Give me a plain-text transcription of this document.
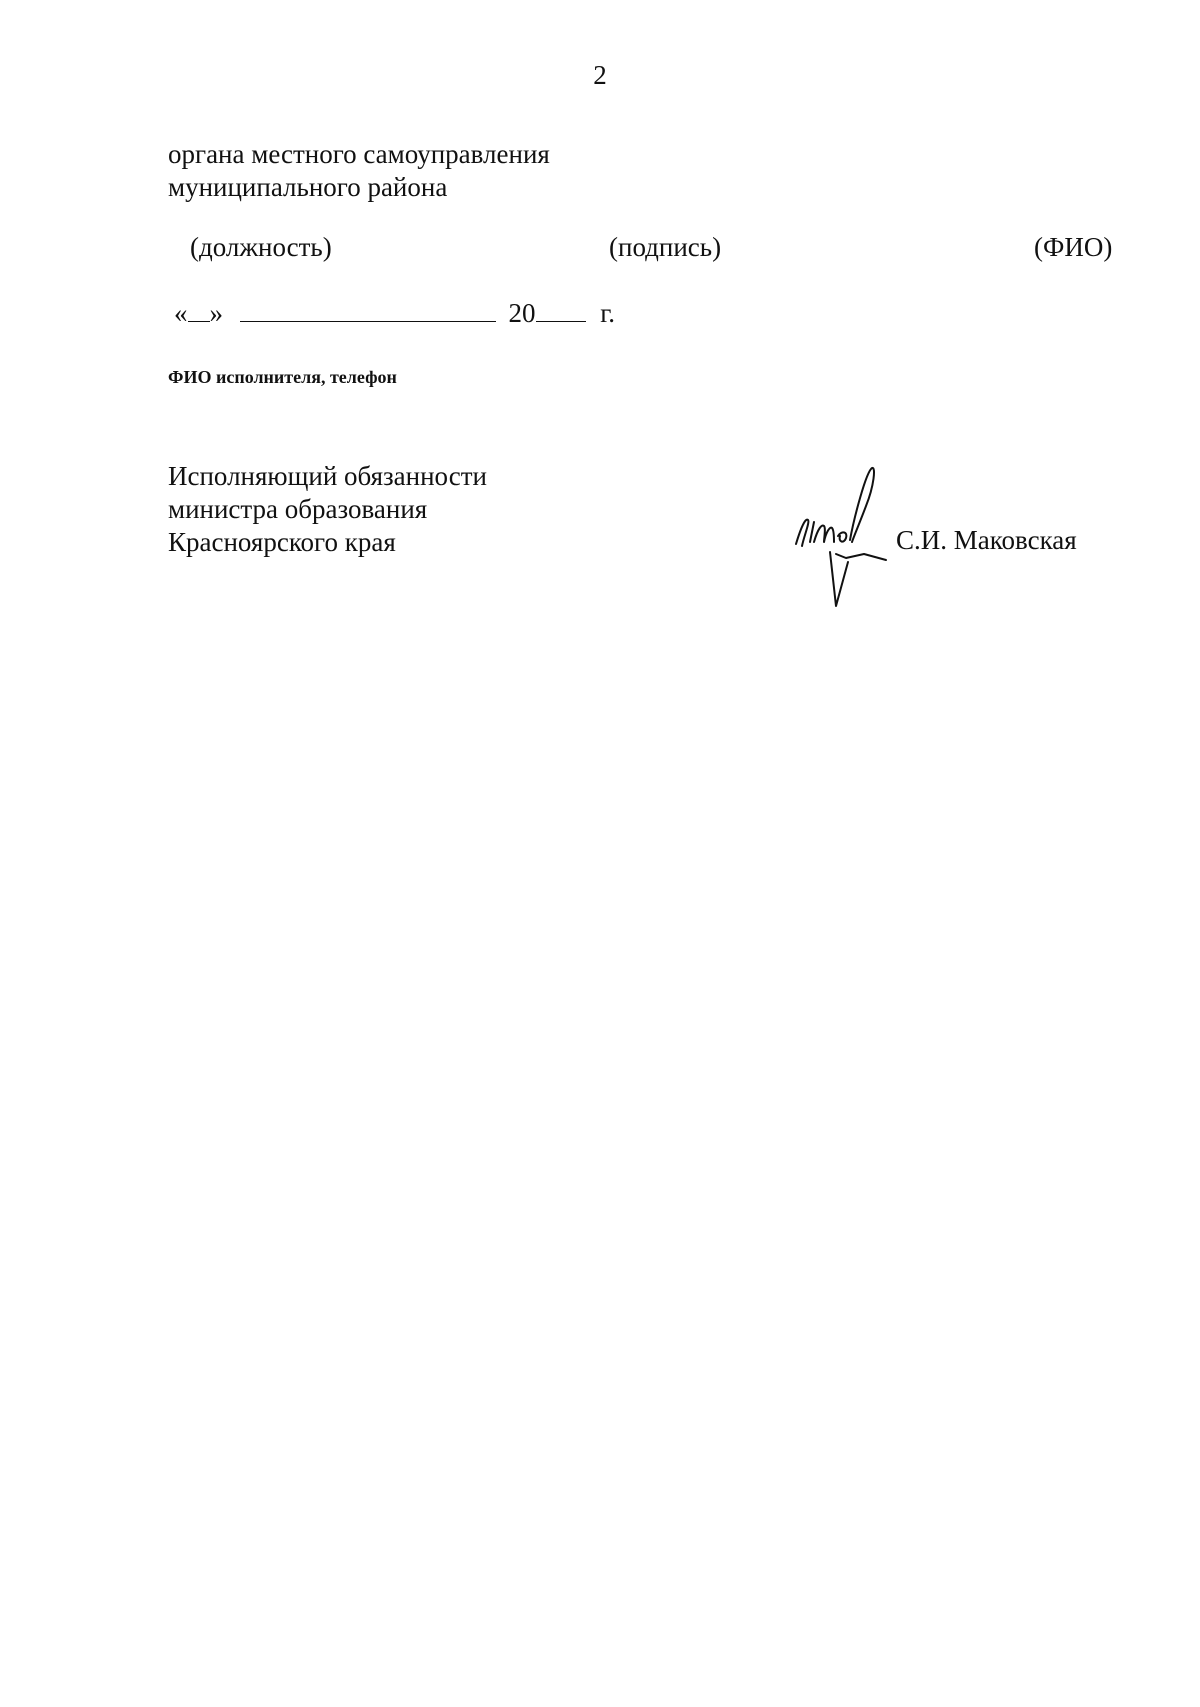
2
органа местного самоуправления
муниципального района
(должность)	(подпись)	(ФИО)
« »	20 г.
ФИО исполнителя, телефон
Исполняющий обязанности
министра образования
Красноярского края	С.И. Маковская
